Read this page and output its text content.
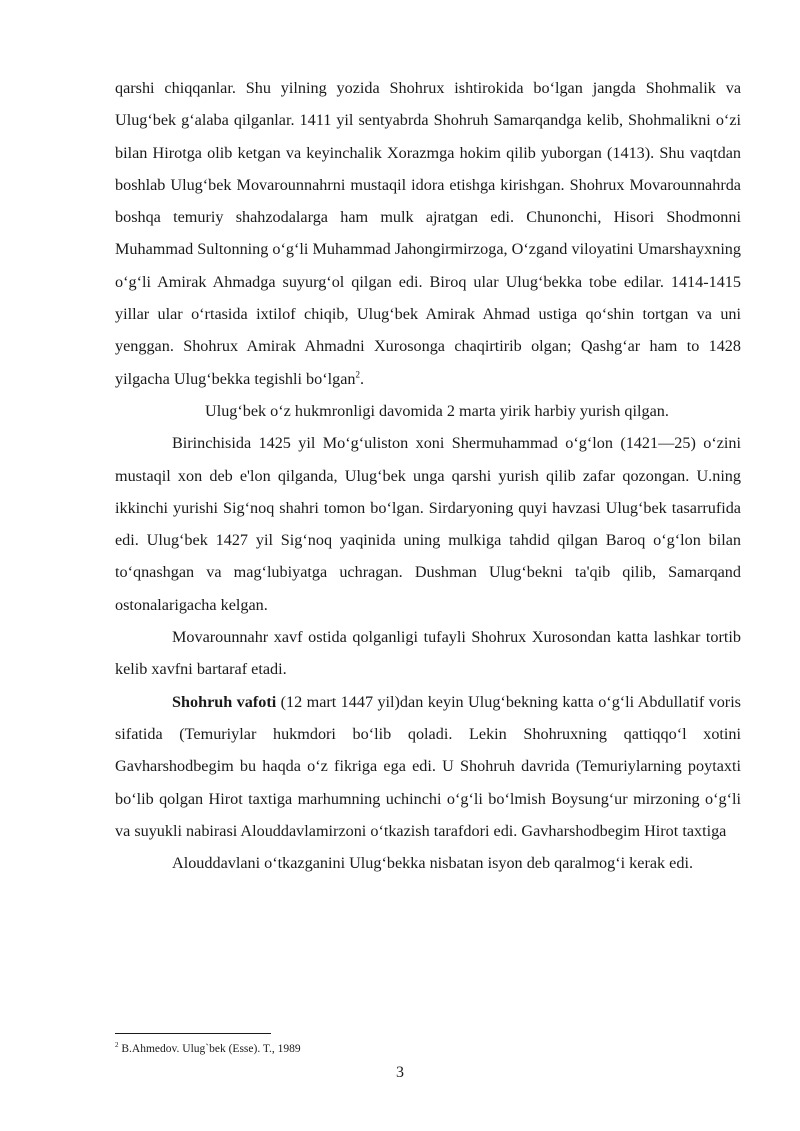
qarshi chiqqanlar. Shu yilning yozida Shohrux ishtirokida bo‘lgan jangda Shohmalik va Ulug‘bek g‘alaba qilganlar. 1411 yil sentyabrda Shohruh Samarqandga kelib, Shohmalikni o‘zi bilan Hirotga olib ketgan va keyinchalik Xorazmga hokim qilib yuborgan (1413). Shu vaqtdan boshlab Ulug‘bek Movarounnahrni mustaqil idora etishga kirishgan. Shohrux Movarounnahrda boshqa temuriy shahzodalarga ham mulk ajratgan edi. Chunonchi, Hisori Shodmonni Muhammad Sultonning o‘g‘li Muhammad Jahongirmirzoga, O‘zgand viloyatini Umarshayxning o‘g‘li Amirak Ahmadga suyurg‘ol qilgan edi. Biroq ular Ulug‘bekka tobe edilar. 1414-1415 yillar ular o‘rtasida ixtilof chiqib, Ulug‘bek Amirak Ahmad ustiga qo‘shin tortgan va uni yenggan. Shohrux Amirak Ahmadni Xurosonga chaqirtirib olgan; Qashg‘ar ham to 1428 yilgacha Ulug‘bekka tegishli bo‘lgan$^2$.

Ulug‘bek o‘z hukmronligi davomida 2 marta yirik harbiy yurish qilgan.

Birinchisida 1425 yil Mo‘g‘uliston xoni Shermuhammad o‘g‘lon (1421—25) o‘zini mustaqil xon deb e'lon qilganda, Ulug‘bek unga qarshi yurish qilib zafar qozongan. U.ning ikkinchi yurishi Sig‘noq shahri tomon bo‘lgan. Sirdaryoning quyi havzasi Ulug‘bek tasarrufida edi. Ulug‘bek 1427 yil Sig‘noq yaqinida uning mulkiga tahdid qilgan Baroq o‘g‘lon bilan to‘qnashgan va mag‘lubiyatga uchragan. Dushman Ulug‘bekni ta'qib qilib, Samarqand ostonalarigacha kelgan.

Movarounnahr xavf ostida qolganligi tufayli Shohrux Xurosondan katta lashkar tortib kelib xavfni bartaraf etadi.

Shohruh vafoti (12 mart 1447 yil)dan keyin Ulug‘bekning katta o‘g‘li Abdullatif voris sifatida (Temuriylar hukmdori bo‘lib qoladi. Lekin Shohruxning qattiqqo‘l xotini Gavharshodbegim bu haqda o‘z fikriga ega edi. U Shohruh davrida (Temuriylarning poytaxti bo‘lib qolgan Hirot taxtiga marhumning uchinchi o‘g‘li bo‘lmish Boysung‘ur mirzoning o‘g‘li va suyukli nabirasi Alouddavlamirzoni o‘tkazish tarafdori edi. Gavharshodbegim Hirot taxtiga

Alouddavlani o‘tkazganini Ulug‘bekka nisbatan isyon deb qaralmog‘i kerak edi.

$^2$ B.Ahmedov. Ulug`bek (Esse). T., 1989
3
